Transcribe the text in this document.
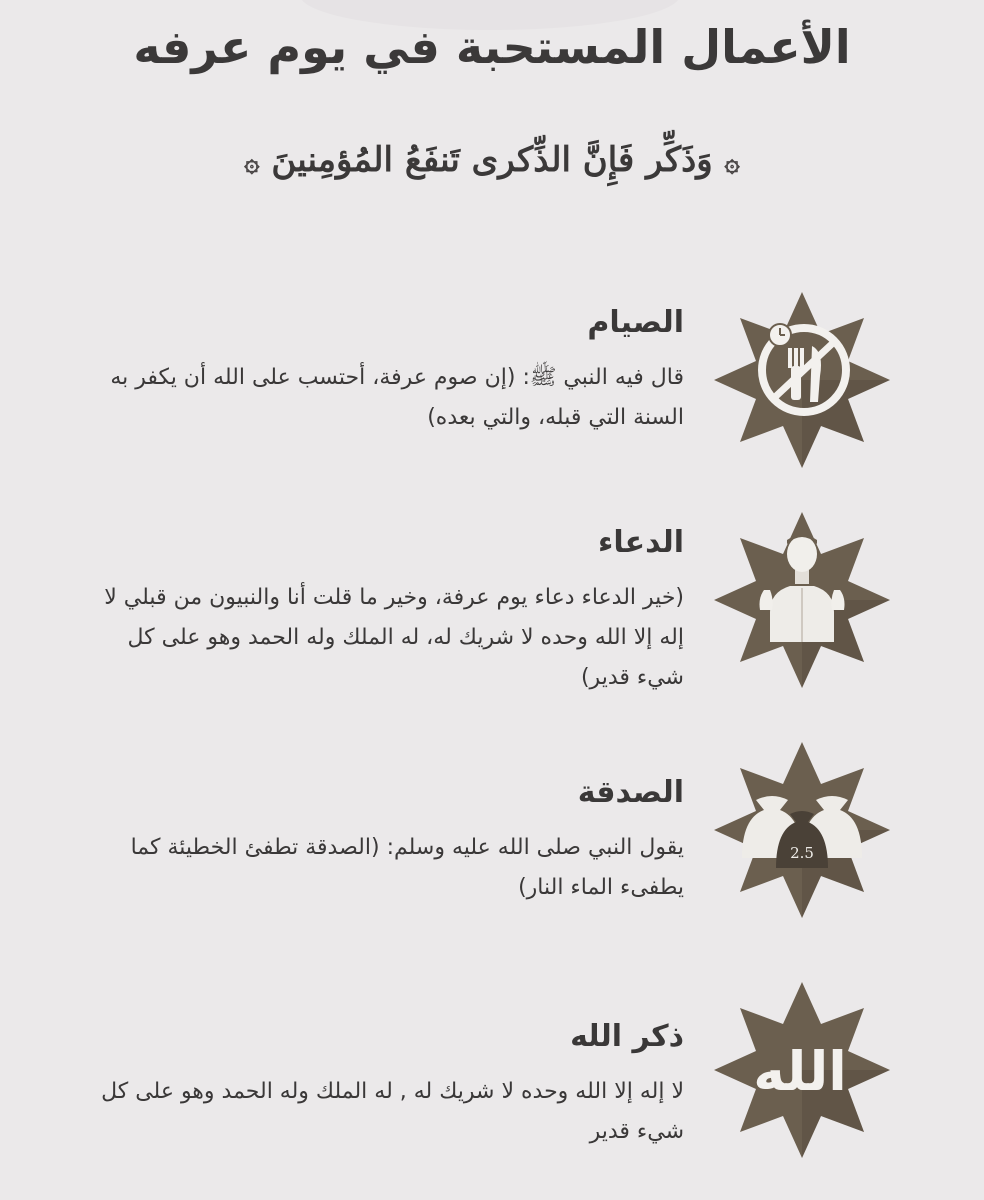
الأعمال المستحبة في يوم عرفه
۞ وَذَكِّر فَإِنَّ الذِّكرى تَنفَعُ المُؤمِنينَ ۞
الصيام

قال فيه النبي ﷺ: (إن صوم عرفة، أحتسب على الله أن يكفر به السنة التي قبله، والتي بعده)

الدعاء

(خير الدعاء دعاء يوم عرفة، وخير ما قلت أنا والنبيون من قبلي لا إله إلا الله وحده لا شريك له، له الملك وله الحمد وهو على كل شيء قدير)

2.5
الصدقة

يقول النبي صلى الله عليه وسلم: (الصدقة تطفئ الخطيئة كما يطفىء الماء النار)

الله
ذكر الله

لا إله إلا الله وحده لا شريك له , له الملك وله الحمد وهو على كل شيء قدير
